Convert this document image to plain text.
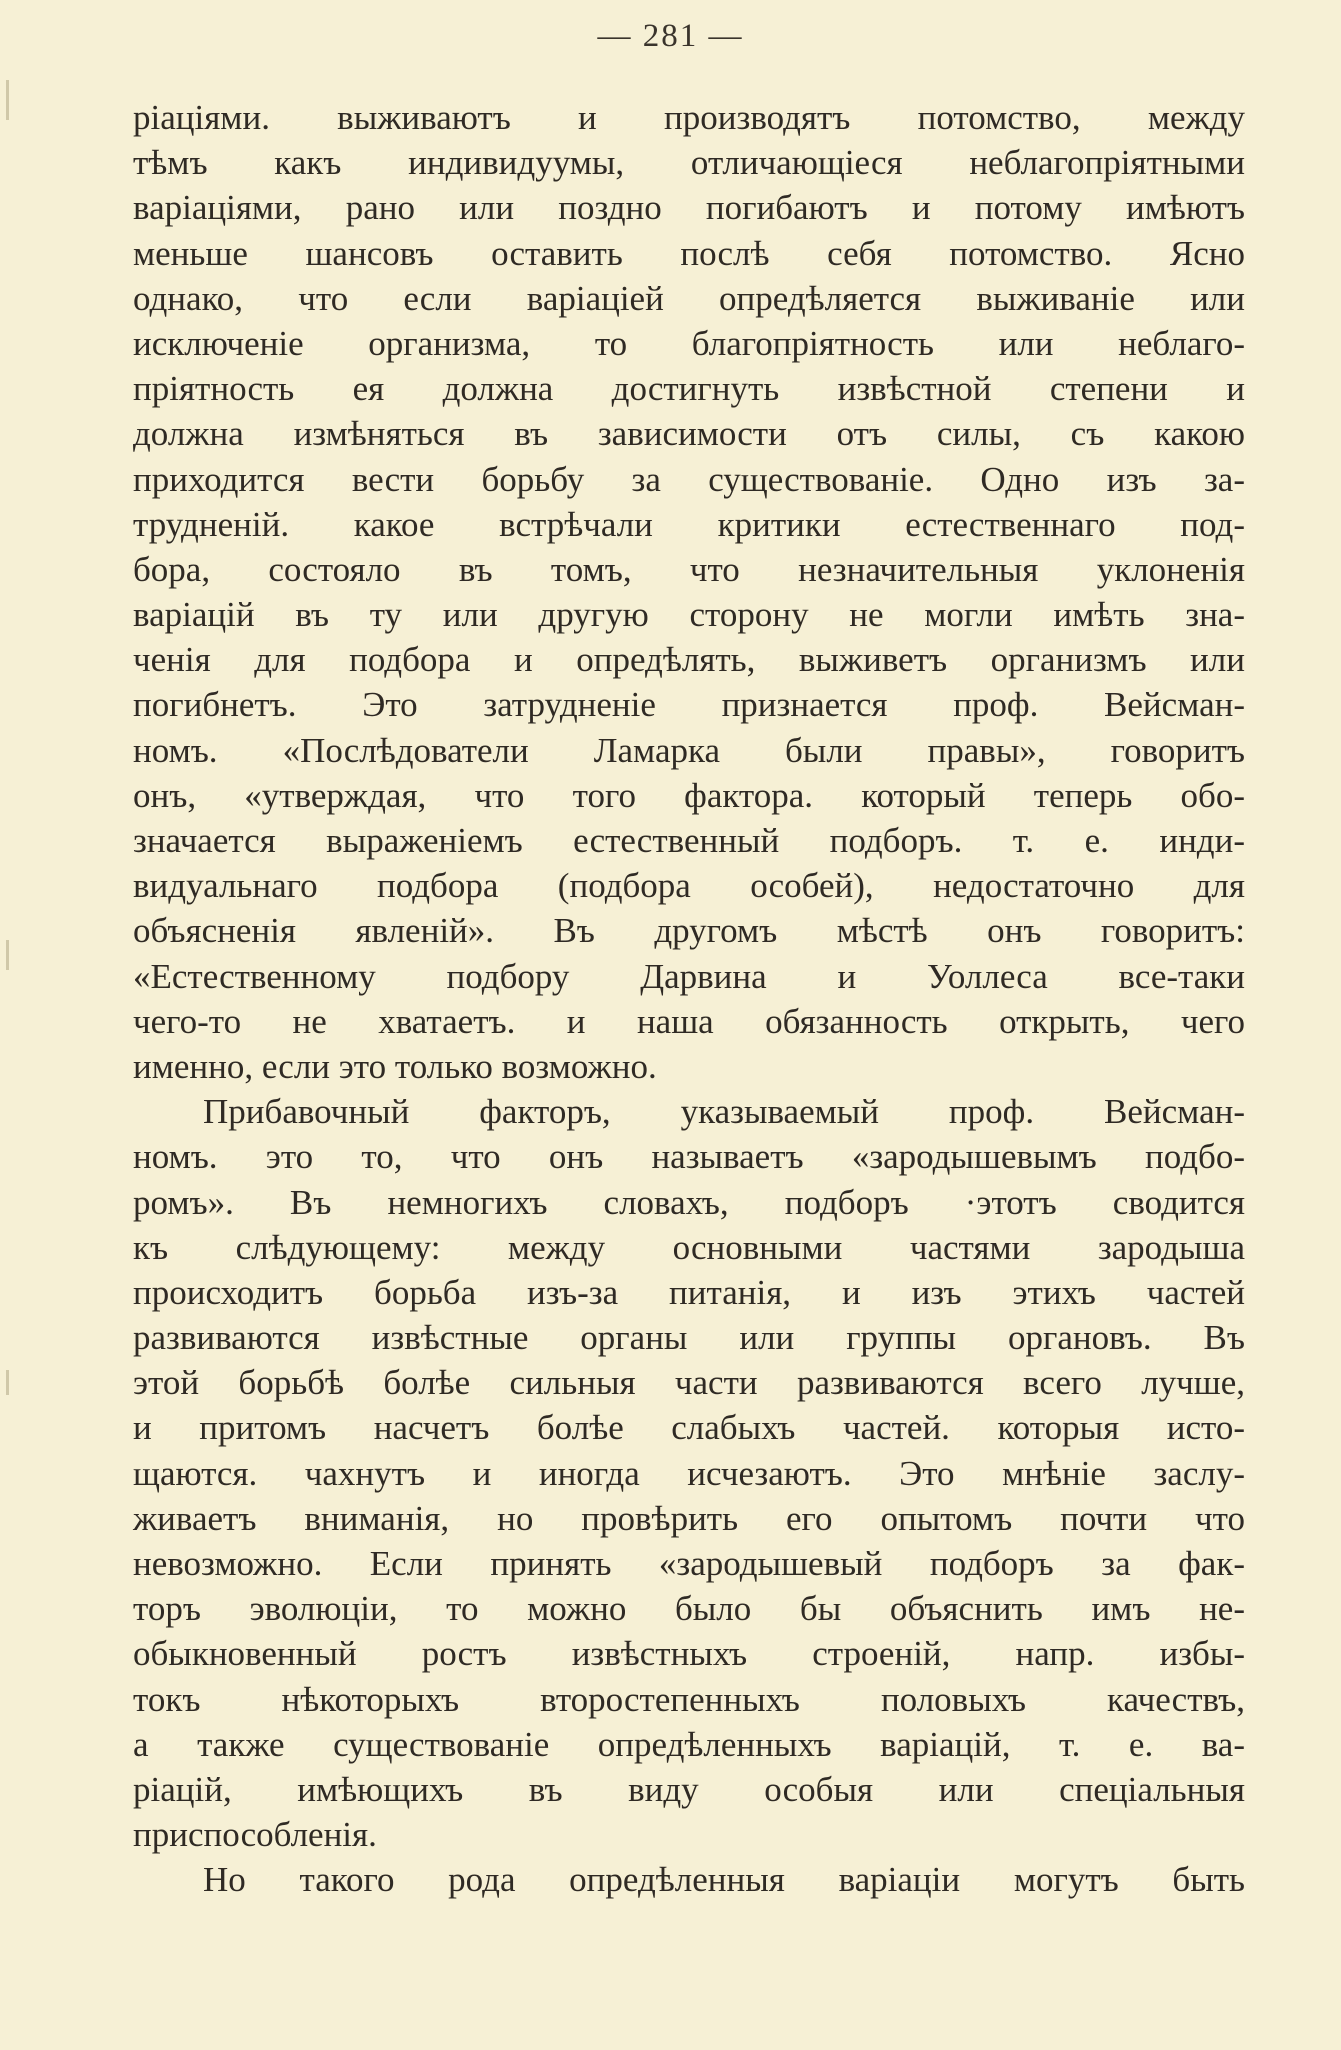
— 281 —
ріаціями. выживаютъ и производятъ потомство, между
тѣмъ какъ индивидуумы, отличающіеся неблагопріятными
варіаціями, рано или поздно погибаютъ и потому имѣютъ
меньше шансовъ оставить послѣ себя потомство. Ясно
однако, что если варіаціей опредѣляется выживаніе или
исключеніе организма, то благопріятность или неблаго-
пріятность ея должна достигнуть извѣстной степени и
должна измѣняться въ зависимости отъ силы, съ какою
приходится вести борьбу за существованіе. Одно изъ за-
трудненій. какое встрѣчали критики естественнаго под-
бора, состояло въ томъ, что незначительныя уклоненія
варіацій въ ту или другую сторону не могли имѣть зна-
ченія для подбора и опредѣлять, выживетъ организмъ или
погибнетъ. Это затрудненіе признается проф. Вейсман-
номъ. «Послѣдователи Ламарка были правы», говоритъ
онъ, «утверждая, что того фактора. который теперь обо-
значается выраженіемъ естественный подборъ. т. е. инди-
видуальнаго подбора (подбора особей), недостаточно для
объясненія явленій». Въ другомъ мѣстѣ онъ говоритъ:
«Естественному подбору Дарвина и Уоллеса все-таки
чего-то не хватаетъ. и наша обязанность открыть, чего
именно, если это только возможно.
Прибавочный факторъ, указываемый проф. Вейсман-
номъ. это то, что онъ называетъ «зародышевымъ подбо-
ромъ». Въ немногихъ словахъ, подборъ ·этотъ сводится
къ слѣдующему: между основными частями зародыша
происходитъ борьба изъ-за питанія, и изъ этихъ частей
развиваются извѣстные органы или группы органовъ. Въ
этой борьбѣ болѣе сильныя части развиваются всего лучше,
и притомъ насчетъ болѣе слабыхъ частей. которыя исто-
щаются. чахнутъ и иногда исчезаютъ. Это мнѣніе заслу-
живаетъ вниманія, но провѣрить его опытомъ почти что
невозможно. Если принять «зародышевый подборъ за фак-
торъ эволюціи, то можно было бы объяснить имъ не-
обыкновенный ростъ извѣстныхъ строеній, напр. избы-
токъ нѣкоторыхъ второстепенныхъ половыхъ качествъ,
а также существованіе опредѣленныхъ варіацій, т. е. ва-
ріацій, имѣющихъ въ виду особыя или спеціальныя
приспособленія.
Но такого рода опредѣленныя варіаціи могутъ быть
